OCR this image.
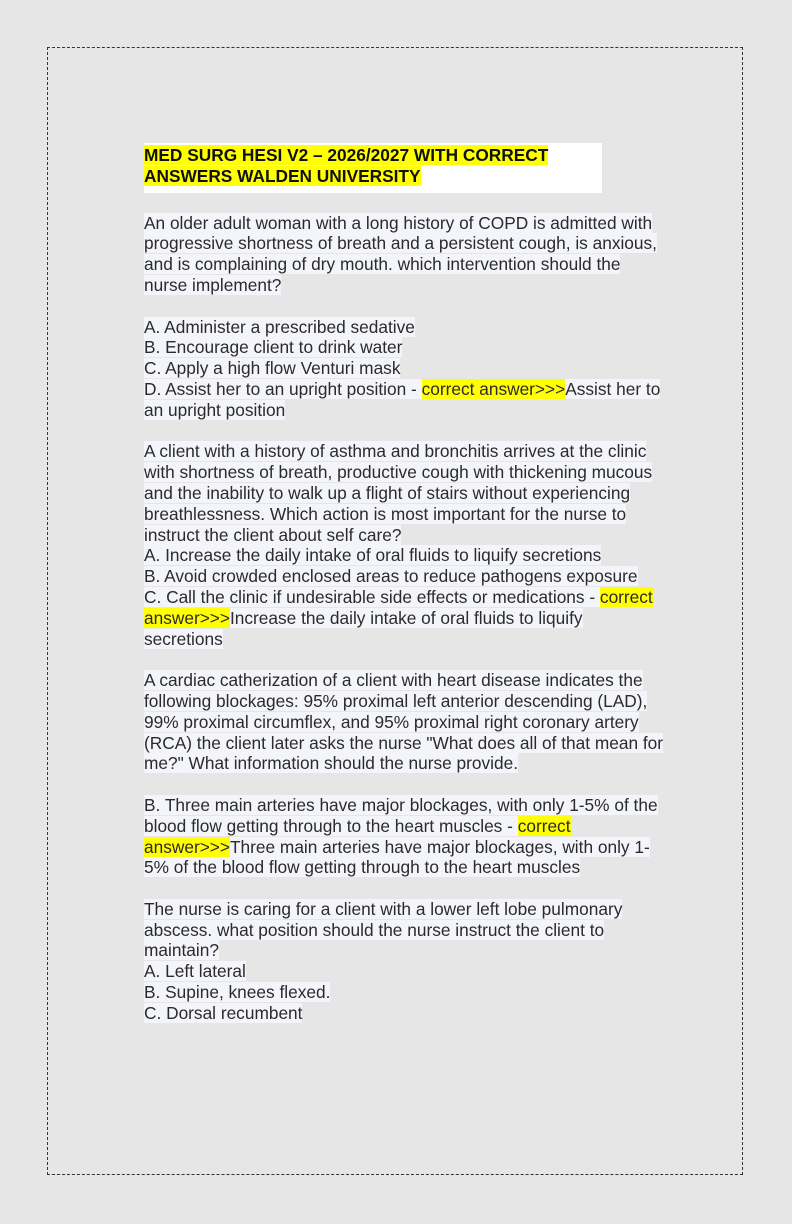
MED SURG HESI V2 – 2026/2027 WITH CORRECT
ANSWERS WALDEN UNIVERSITY
An older adult woman with a long history of COPD is admitted with progressive shortness of breath and a persistent cough, is anxious, and is complaining of dry mouth. which intervention should the nurse implement?
A. Administer a prescribed sedative
B. Encourage client to drink water
C. Apply a high flow Venturi mask
D. Assist her to an upright position - correct answer>>>Assist her to an upright position
A client with a history of asthma and bronchitis arrives at the clinic with shortness of breath, productive cough with thickening mucous and the inability to walk up a flight of stairs without experiencing breathlessness. Which action is most important for the nurse to instruct the client about self care?
A. Increase the daily intake of oral fluids to liquify secretions
B. Avoid crowded enclosed areas to reduce pathogens exposure
C. Call the clinic if undesirable side effects or medications - correct answer>>>Increase the daily intake of oral fluids to liquify secretions
A cardiac catherization of a client with heart disease indicates the following blockages: 95% proximal left anterior descending (LAD), 99% proximal circumflex, and 95% proximal right coronary artery (RCA) the client later asks the nurse "What does all of that mean for me?" What information should the nurse provide.
B. Three main arteries have major blockages, with only 1-5% of the blood flow getting through to the heart muscles - correct answer>>>Three main arteries have major blockages, with only 1-5% of the blood flow getting through to the heart muscles
The nurse is caring for a client with a lower left lobe pulmonary abscess. what position should the nurse instruct the client to maintain?
A. Left lateral
B. Supine, knees flexed.
C. Dorsal recumbent
